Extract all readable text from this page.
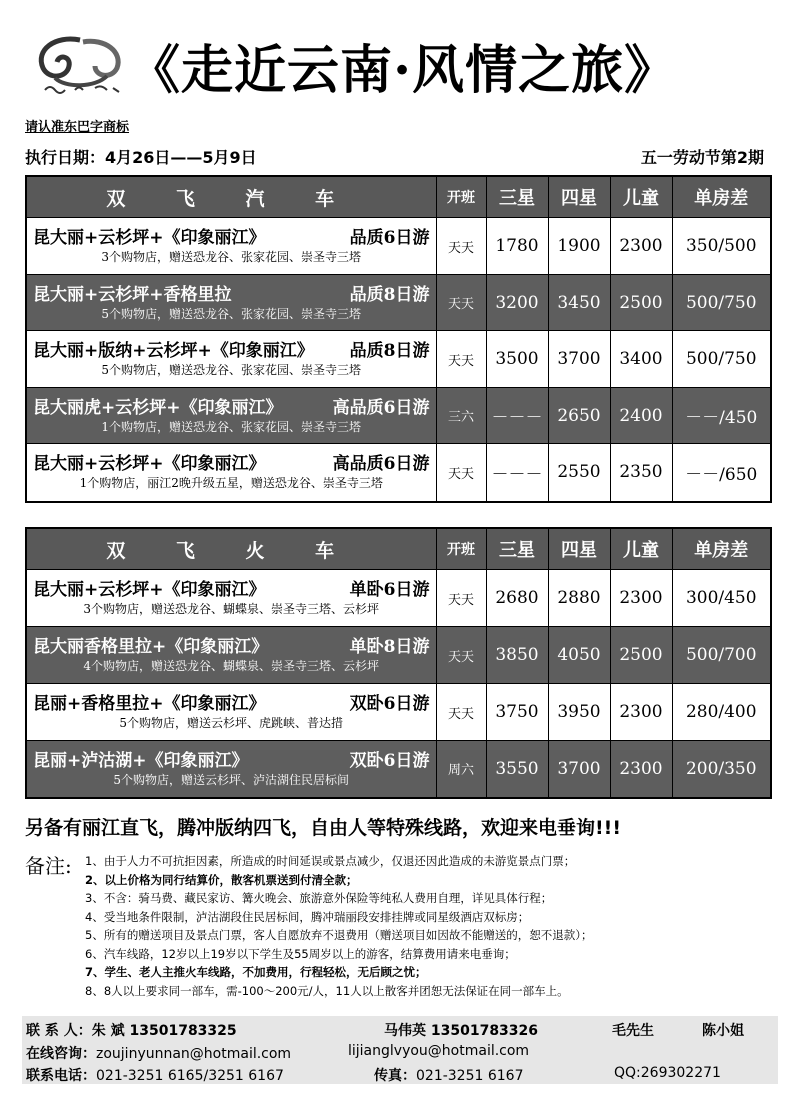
《走近云南·风情之旅》
请认准东巴字商标
执行日期：4月26日——5月9日	五一劳动节第2期
双 飞 汽 车	开班	三星	四星	儿童	单房差

昆大丽+云杉坪+《印象丽江》 品质6日游
3个购物店，赠送恐龙谷、张家花园、崇圣寺三塔	天天	1780	1900	2300	350/500

昆大丽+云杉坪+香格里拉 品质8日游
5个购物店，赠送恐龙谷、张家花园、崇圣寺三塔	天天	3200	3450	2500	500/750

昆大丽+版纳+云杉坪+《印象丽江》 品质8日游
5个购物店，赠送恐龙谷、张家花园、崇圣寺三塔	天天	3500	3700	3400	500/750

昆大丽虎+云杉坪+《印象丽江》 高品质6日游
1个购物店，赠送恐龙谷、张家花园、崇圣寺三塔	三六	－－－	2650	2400	－－/450

昆大丽+云杉坪+《印象丽江》 高品质6日游
1个购物店，丽江2晚升级五星，赠送恐龙谷、崇圣寺三塔	天天	－－－	2550	2350	－－/650
双 飞 火 车	开班	三星	四星	儿童	单房差

昆大丽+云杉坪+《印象丽江》 单卧6日游
3个购物店，赠送恐龙谷、蝴蝶泉、崇圣寺三塔、云杉坪	天天	2680	2880	2300	300/450

昆大丽香格里拉+《印象丽江》 单卧8日游
4个购物店，赠送恐龙谷、蝴蝶泉、崇圣寺三塔、云杉坪	天天	3850	4050	2500	500/700

昆丽+香格里拉+《印象丽江》 双卧6日游
5个购物店，赠送云杉坪、虎跳峡、普达措	天天	3750	3950	2300	280/400

昆丽+泸沽湖+《印象丽江》 双卧6日游
5个购物店，赠送云杉坪、泸沽湖住民居标间	周六	3550	3700	2300	200/350
另备有丽江直飞，腾冲版纳四飞，自由人等特殊线路，欢迎来电垂询!!!
备注: 1、由于人力不可抗拒因素，所造成的时间延误或景点减少，仅退还因此造成的未游览景点门票；
2、以上价格为同行结算价，散客机票送到付清全款；
3、不含：骑马费、藏民家访、篝火晚会、旅游意外保险等纯私人费用自理，详见具体行程；
4、受当地条件限制，泸沽湖段住民居标间，腾冲瑞丽段安排挂牌或同星级酒店双标房；
5、所有的赠送项目及景点门票，客人自愿放弃不退费用（赠送项目如因故不能赠送的，恕不退款）；
6、汽车线路，12岁以上19岁以下学生及55周岁以上的游客，结算费用请来电垂询；
7、学生、老人主推火车线路，不加费用，行程轻松，无后顾之忧；
8、8人以上要求同一部车，需-100～200元/人，11人以上散客并团恕无法保证在同一部车上。
联 系 人：朱 斌 13501783325	马伟英 13501783326	毛先生	陈小姐
在线咨询：zoujinyunnan@hotmail.com	lijianglvyou@hotmail.com
联系电话：021-3251 6165/3251 6167	传真：021-3251 6167	QQ:269302271
